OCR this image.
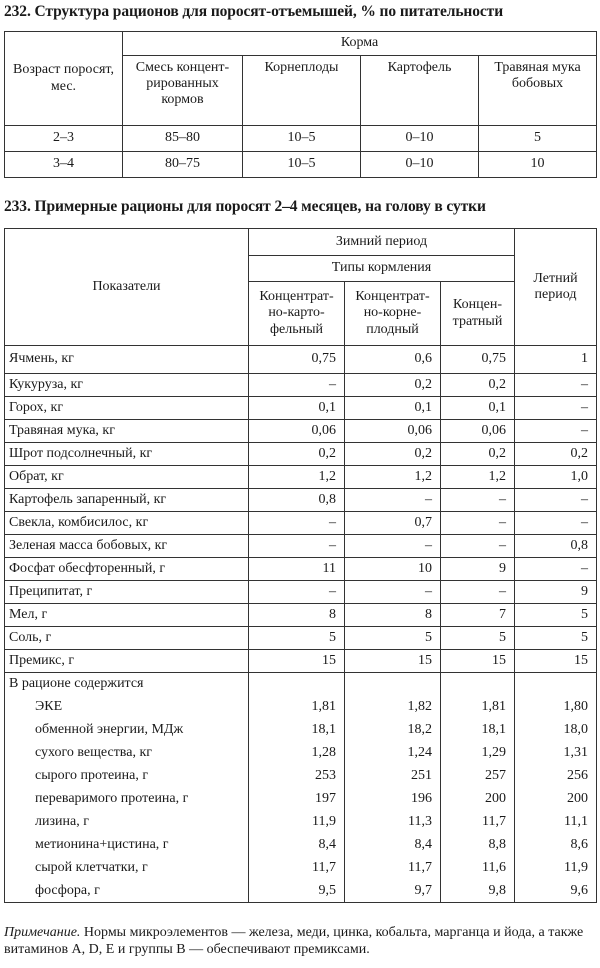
232. Структура рационов для поросят-отъемышей, % по питательности
Возраст поросят, мес.	Корма			
	Смесь концент-рированных кормов	Корнеплоды	Картофель	Травяная мука бобовых
2–3	85–80	10–5	0–10	5
3–4	80–75	10–5	0–10	10
233. Примерные рационы для поросят 2–4 месяцев, на голову в сутки
Показатели	Зимний период			Летний период
	Типы кормления			
	Концентрат-но-карто-фельный	Концентрат-но-корне-плодный	Концен-тратный	
Ячмень, кг	0,75	0,6	0,75	1
Кукуруза, кг	–	0,2	0,2	–
Горох, кг	0,1	0,1	0,1	–
Травяная мука, кг	0,06	0,06	0,06	–
Шрот подсолнечный, кг	0,2	0,2	0,2	0,2
Обрат, кг	1,2	1,2	1,2	1,0
Картофель запаренный, кг	0,8	–	–	–
Свекла, комбисилос, кг	–	0,7	–	–
Зеленая масса бобовых, кг	–	–	–	0,8
Фосфат обесфторенный, г	11	10	9	–
Преципитат, г	–	–	–	9
Мел, г	8	8	7	5
Соль, г	5	5	5	5
Премикс, г	15	15	15	15
В рационе содержится				
ЭКЕ	1,81	1,82	1,81	1,80
обменной энергии, МДж	18,1	18,2	18,1	18,0
сухого вещества, кг	1,28	1,24	1,29	1,31
сырого протеина, г	253	251	257	256
переваримого протеина, г	197	196	200	200
лизина, г	11,9	11,3	11,7	11,1
метионина+цистина, г	8,4	8,4	8,8	8,6
сырой клетчатки, г	11,7	11,7	11,6	11,9
фосфора, г	9,5	9,7	9,8	9,6
Примечание. Нормы микроэлементов — железа, меди, цинка, кобальта, марганца и йода, а также витаминов A, D, E и группы B — обеспечивают премиксами.
